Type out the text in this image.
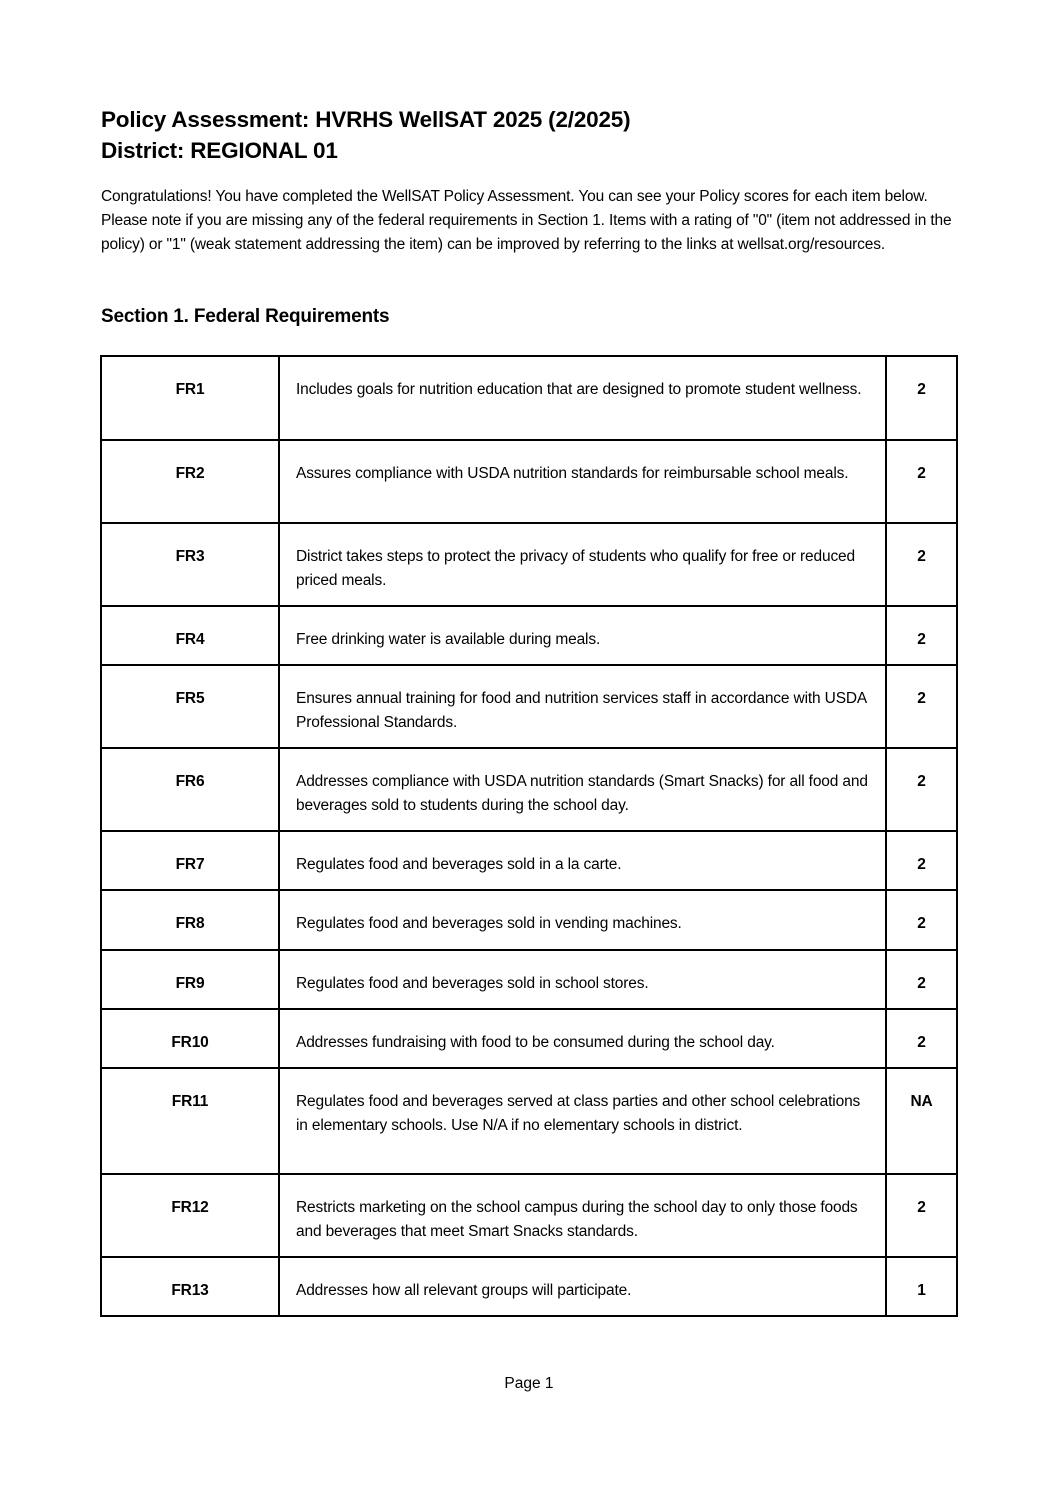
Policy Assessment: HVRHS WellSAT 2025 (2/2025)
District: REGIONAL 01
Congratulations! You have completed the WellSAT Policy Assessment. You can see your Policy scores for each item below. Please note if you are missing any of the federal requirements in Section 1. Items with a rating of "0" (item not addressed in the policy) or "1" (weak statement addressing the item) can be improved by referring to the links at wellsat.org/resources.
Section 1. Federal Requirements
FR1	Includes goals for nutrition education that are designed to promote student wellness.	2

FR2	Assures compliance with USDA nutrition standards for reimbursable school meals.	2

FR3	District takes steps to protect the privacy of students who qualify for free or reduced priced meals.	2

FR4	Free drinking water is available during meals.	2

FR5	Ensures annual training for food and nutrition services staff in accordance with USDA Professional Standards.	2

FR6	Addresses compliance with USDA nutrition standards (Smart Snacks) for all food and beverages sold to students during the school day.	2

FR7	Regulates food and beverages sold in a la carte.	2

FR8	Regulates food and beverages sold in vending machines.	2

FR9	Regulates food and beverages sold in school stores.	2

FR10	Addresses fundraising with food to be consumed during the school day.	2

FR11	Regulates food and beverages served at class parties and other school celebrations in elementary schools. Use N/A if no elementary schools in district.	NA

FR12	Restricts marketing on the school campus during the school day to only those foods and beverages that meet Smart Snacks standards.	2

FR13	Addresses how all relevant groups will participate.	1
Page 1
